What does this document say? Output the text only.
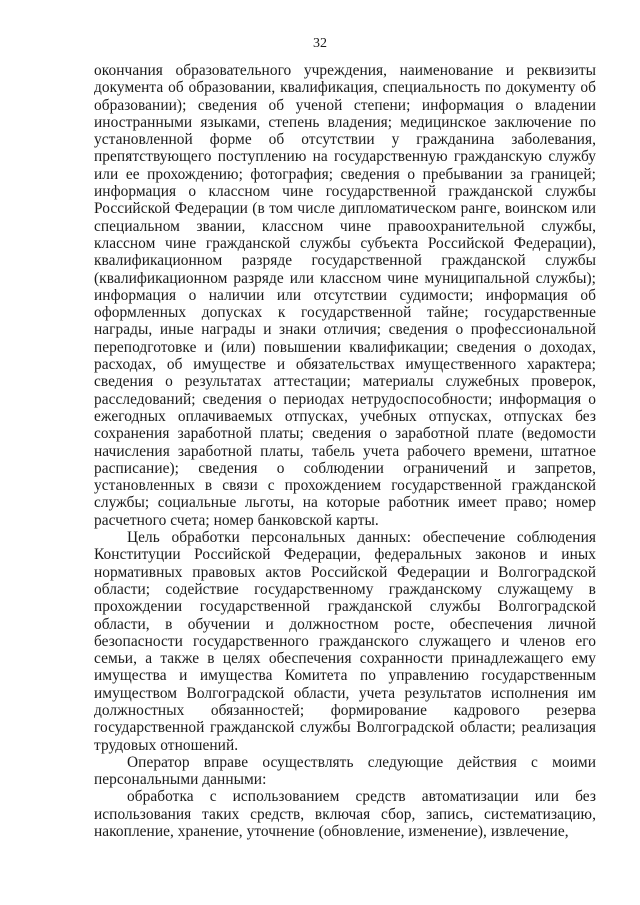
32

окончания образовательного учреждения, наименование и реквизиты документа об образовании, квалификация, специальность по документу об образовании); сведения об ученой степени; информация о владении иностранными языками, степень владения; медицинское заключение по установленной форме об отсутствии у гражданина заболевания, препятствующего поступлению на государственную гражданскую службу или ее прохождению; фотография; сведения о пребывании за границей; информация о классном чине государственной гражданской службы Российской Федерации (в том числе дипломатическом ранге, воинском или специальном звании, классном чине правоохранительной службы, классном чине гражданской службы субъекта Российской Федерации), квалификационном разряде государственной гражданской службы (квалификационном разряде или классном чине муниципальной службы); информация о наличии или отсутствии судимости; информация об оформленных допусках к государственной тайне; государственные награды, иные награды и знаки отличия; сведения о профессиональной переподготовке и (или) повышении квалификации; сведения о доходах, расходах, об имуществе и обязательствах имущественного характера; сведения о результатах аттестации; материалы служебных проверок, расследований; сведения о периодах нетрудоспособности; информация о ежегодных оплачиваемых отпусках, учебных отпусках, отпусках без сохранения заработной платы; сведения о заработной плате (ведомости начисления заработной платы, табель учета рабочего времени, штатное расписание); сведения о соблюдении ограничений и запретов, установленных в связи с прохождением государственной гражданской службы; социальные льготы, на которые работник имеет право; номер расчетного счета; номер банковской карты.

Цель обработки персональных данных: обеспечение соблюдения Конституции Российской Федерации, федеральных законов и иных нормативных правовых актов Российской Федерации и Волгоградской области; содействие государственному гражданскому служащему в прохождении государственной гражданской службы Волгоградской области, в обучении и должностном росте, обеспечения личной безопасности государственного гражданского служащего и членов его семьи, а также в целях обеспечения сохранности принадлежащего ему имущества и имущества Комитета по управлению государственным имуществом Волгоградской области, учета результатов исполнения им должностных обязанностей; формирование кадрового резерва государственной гражданской службы Волгоградской области; реализация трудовых отношений.

Оператор вправе осуществлять следующие действия с моими персональными данными:

обработка с использованием средств автоматизации или без использования таких средств, включая сбор, запись, систематизацию, накопление, хранение, уточнение (обновление, изменение), извлечение,
